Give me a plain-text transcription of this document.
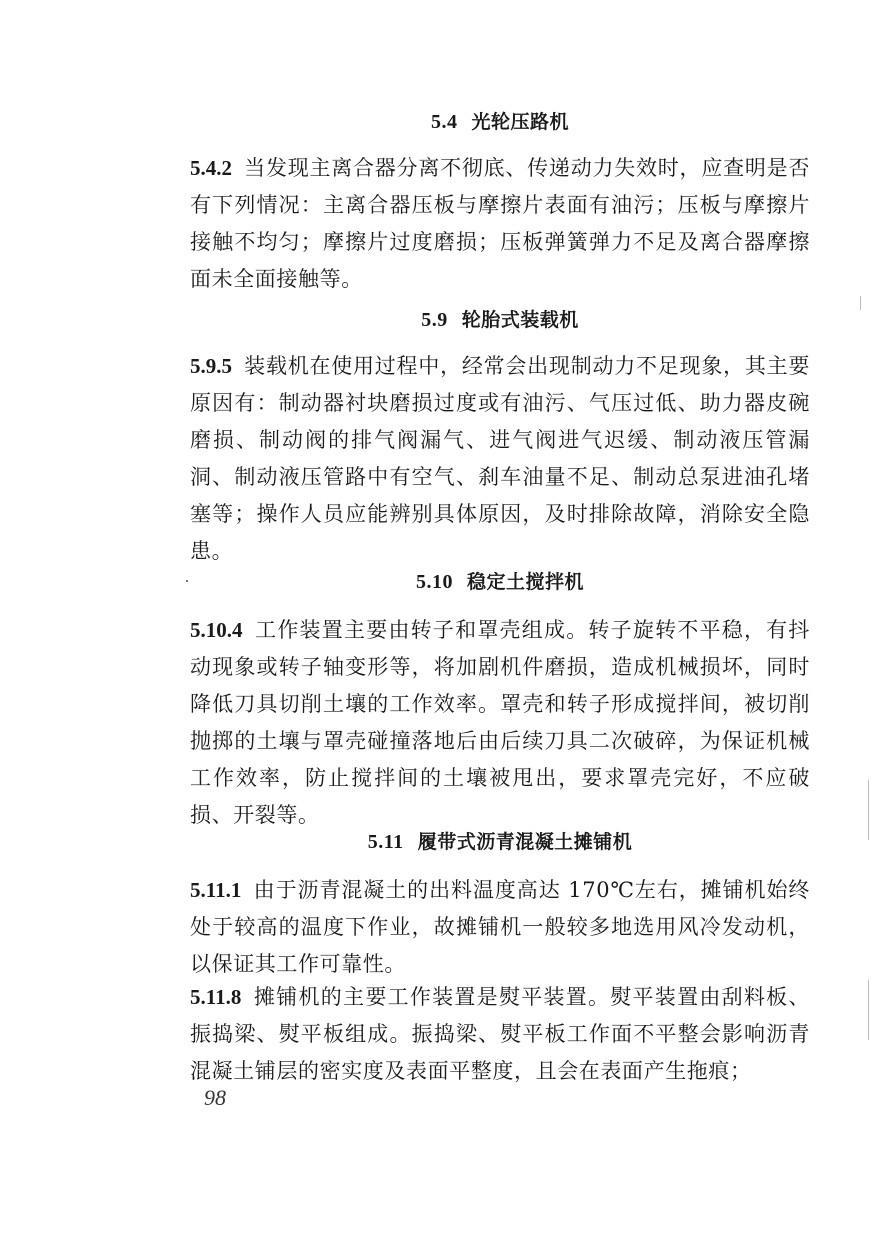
5.4 光轮压路机

5.4.2 当发现主离合器分离不彻底、传递动力失效时，应查明是否有下列情况：主离合器压板与摩擦片表面有油污；压板与摩擦片接触不均匀；摩擦片过度磨损；压板弹簧弹力不足及离合器摩擦面未全面接触等。

5.9 轮胎式装载机

5.9.5 装载机在使用过程中，经常会出现制动力不足现象，其主要原因有：制动器衬块磨损过度或有油污、气压过低、助力器皮碗磨损、制动阀的排气阀漏气、进气阀进气迟缓、制动液压管漏洞、制动液压管路中有空气、刹车油量不足、制动总泵进油孔堵塞等；操作人员应能辨别具体原因，及时排除故障，消除安全隐患。

5.10 稳定土搅拌机

5.10.4 工作装置主要由转子和罩壳组成。转子旋转不平稳，有抖动现象或转子轴变形等，将加剧机件磨损，造成机械损坏，同时降低刀具切削土壤的工作效率。罩壳和转子形成搅拌间，被切削抛掷的土壤与罩壳碰撞落地后由后续刀具二次破碎，为保证机械工作效率，防止搅拌间的土壤被甩出，要求罩壳完好，不应破损、开裂等。

5.11 履带式沥青混凝土摊铺机

5.11.1 由于沥青混凝土的出料温度高达 170℃左右，摊铺机始终处于较高的温度下作业，故摊铺机一般较多地选用风冷发动机，以保证其工作可靠性。

5.11.8 摊铺机的主要工作装置是熨平装置。熨平装置由刮料板、振捣梁、熨平板组成。振捣梁、熨平板工作面不平整会影响沥青混凝土铺层的密实度及表面平整度，且会在表面产生拖痕；

98
